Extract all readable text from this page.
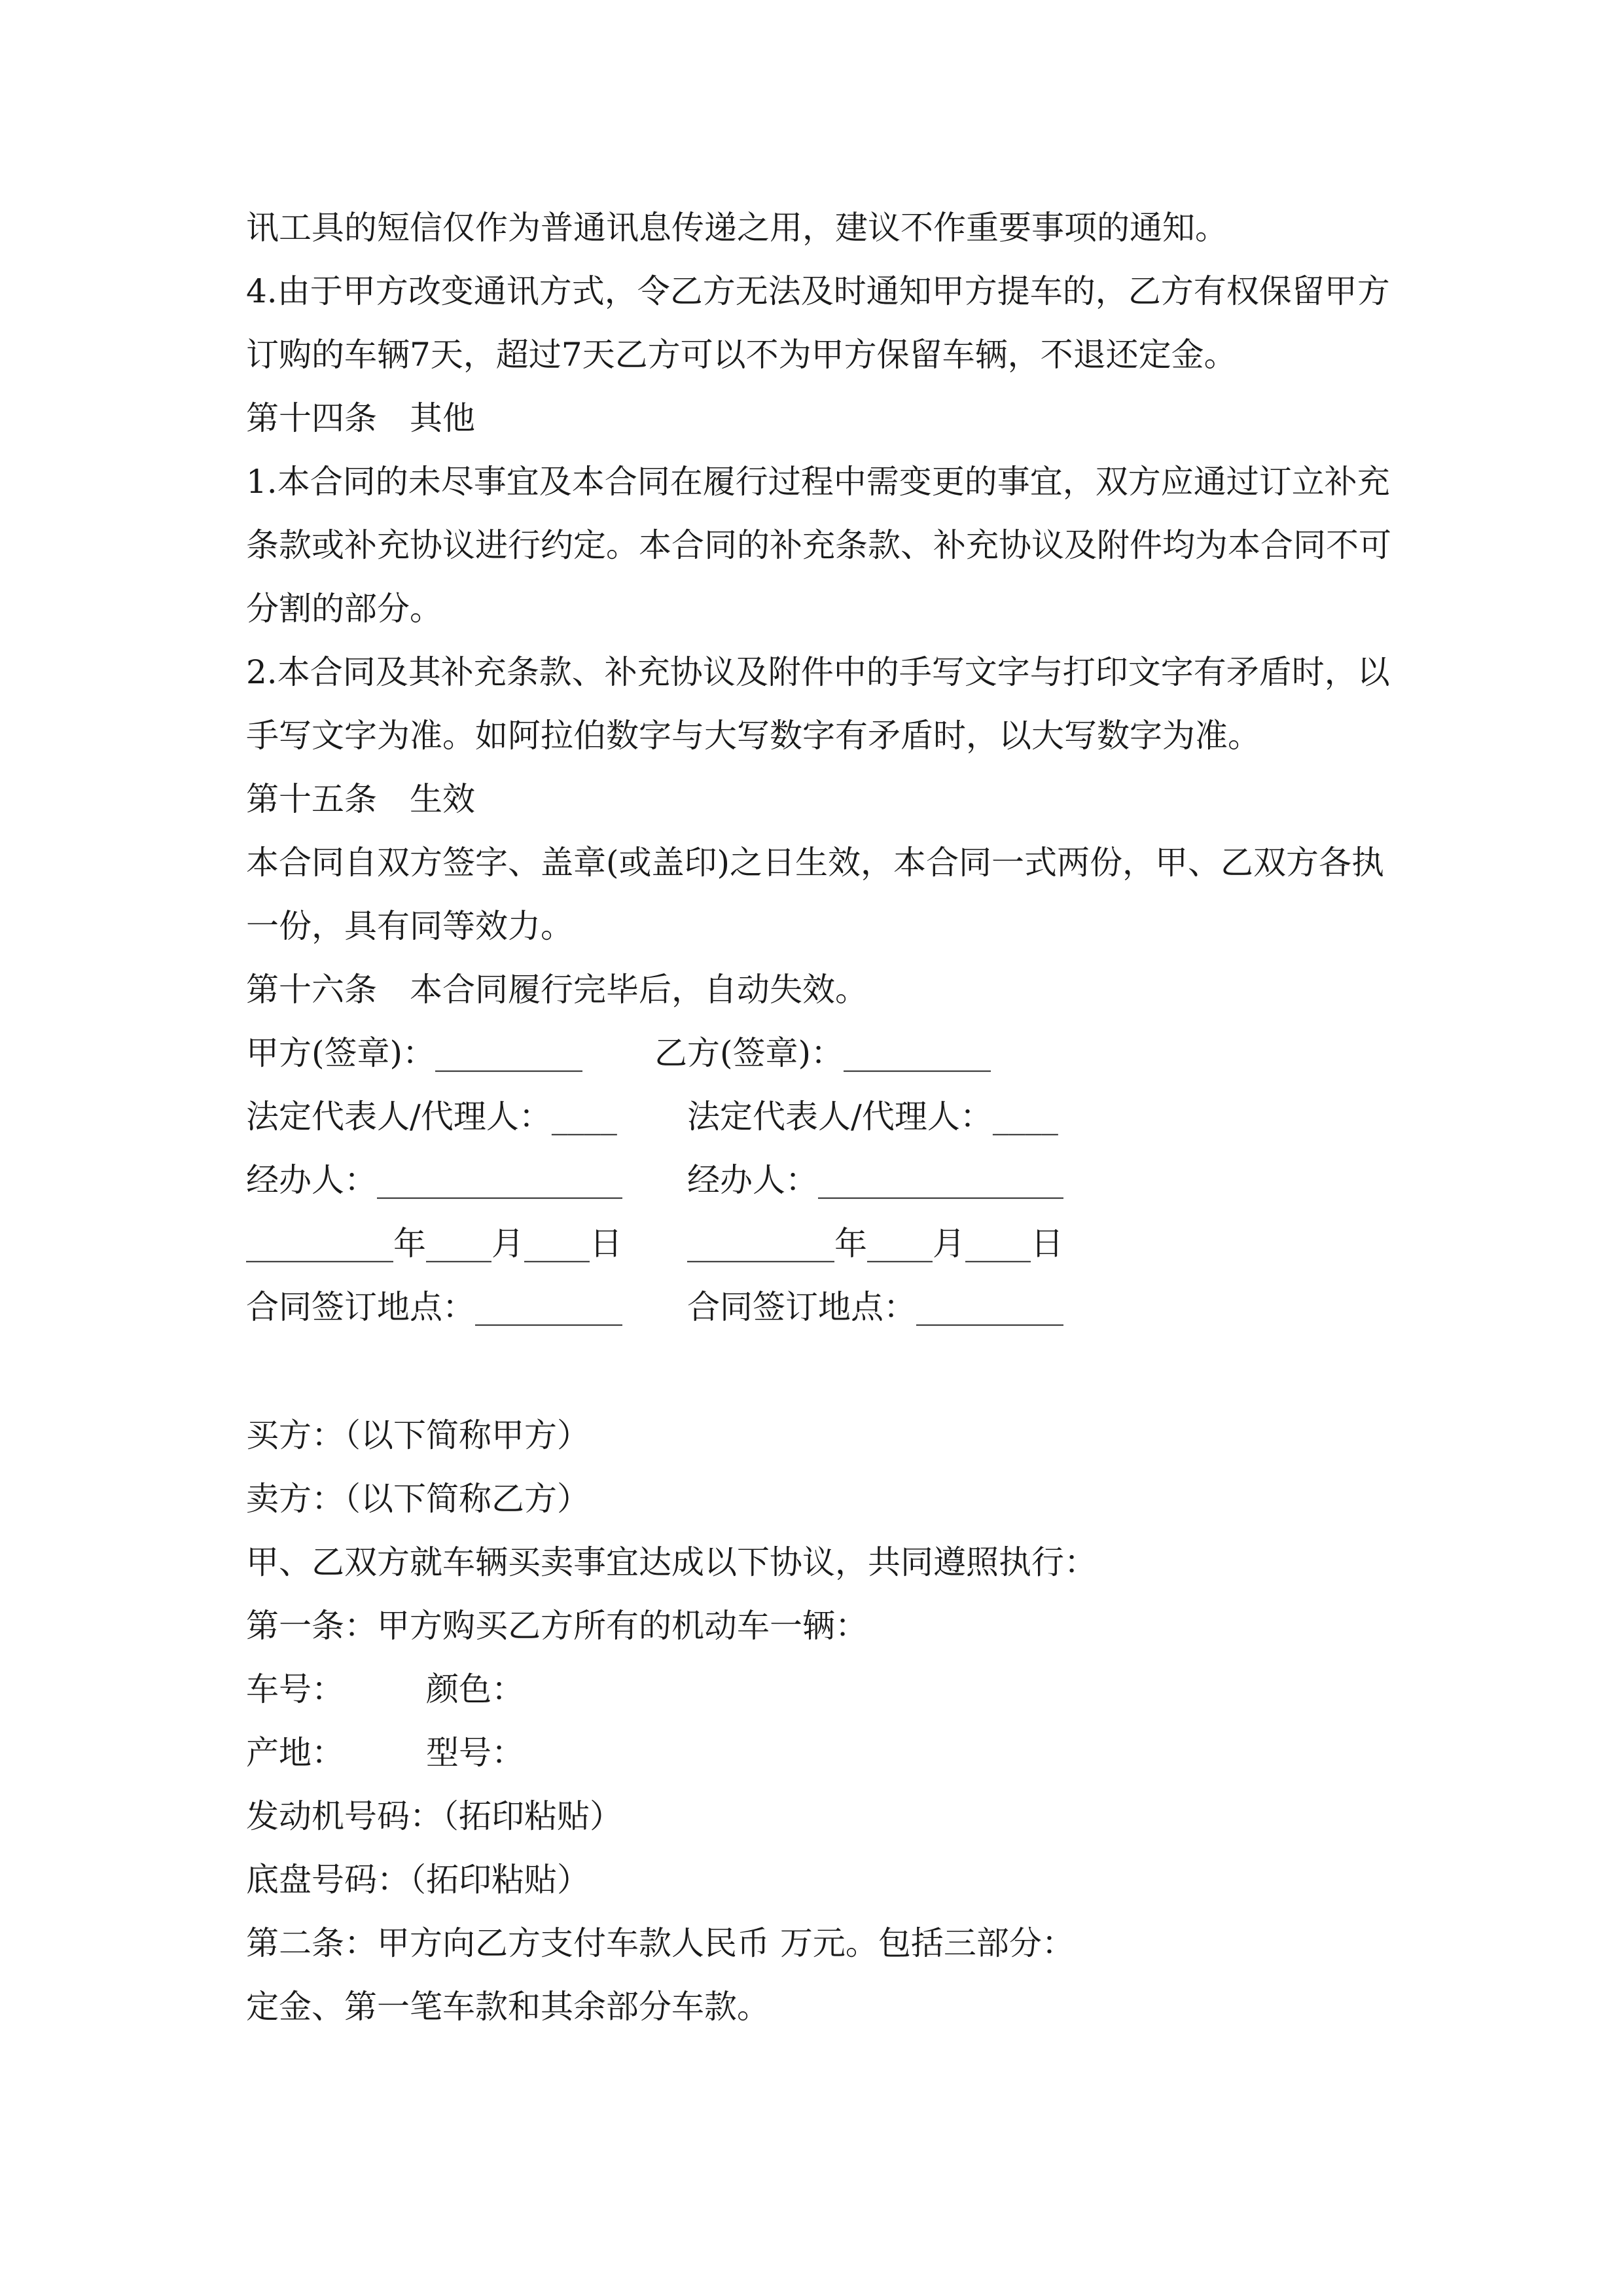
讯工具的短信仅作为普通讯息传递之用，建议不作重要事项的通知。
4.由于甲方改变通讯方式，令乙方无法及时通知甲方提车的，乙方有权保留甲方
订购的车辆7天，超过7天乙方可以不为甲方保留车辆，不退还定金。
第十四条　其他
1.本合同的未尽事宜及本合同在履行过程中需变更的事宜，双方应通过订立补充
条款或补充协议进行约定。本合同的补充条款、补充协议及附件均为本合同不可
分割的部分。
2.本合同及其补充条款、补充协议及附件中的手写文字与打印文字有矛盾时，以
手写文字为准。如阿拉伯数字与大写数字有矛盾时，以大写数字为准。
第十五条　生效
本合同自双方签字、盖章(或盖印)之日生效，本合同一式两份，甲、乙双方各执
一份，具有同等效力。
第十六条　本合同履行完毕后，自动失效。
甲方(签章)：_________ 乙方(签章)：_________
法定代表人/代理人：____ 法定代表人/代理人：____
经办人：_______________ 经办人：_______________
_________年____月____日 _________年____月____日
合同签订地点：_________ 合同签订地点：_________
买方：（以下简称甲方）
卖方：（以下简称乙方）
甲、乙双方就车辆买卖事宜达成以下协议，共同遵照执行：
第一条：甲方购买乙方所有的机动车一辆：
车号：　　　颜色：
产地：　　　型号：
发动机号码：（拓印粘贴）
底盘号码：（拓印粘贴）
第二条：甲方向乙方支付车款人民币 万元。包括三部分：
定金、第一笔车款和其余部分车款。
